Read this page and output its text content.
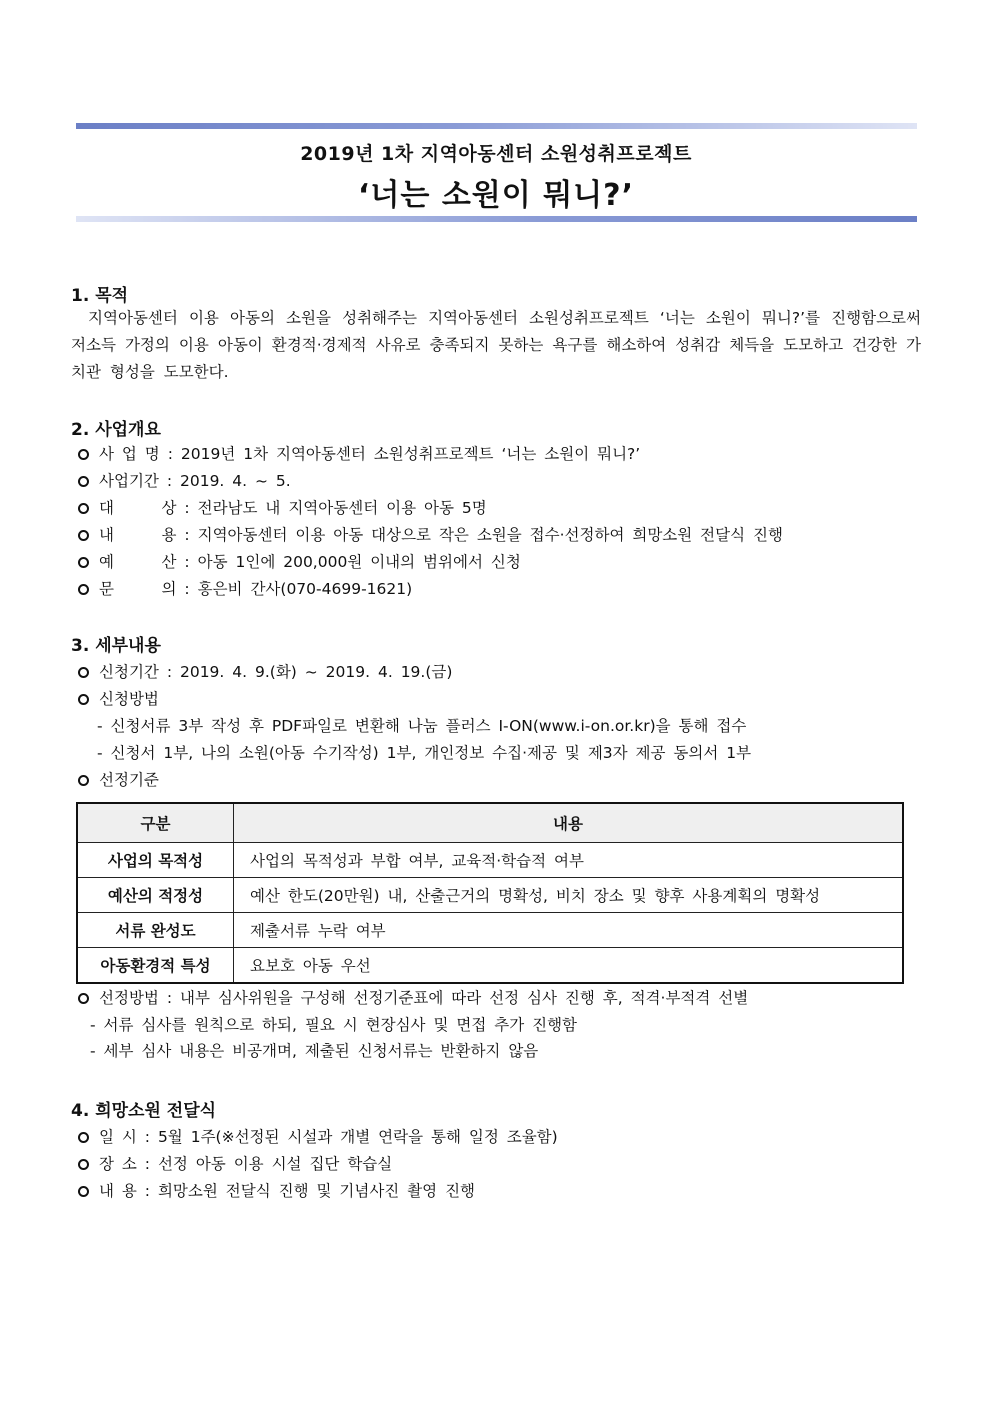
2019년 1차 지역아동센터 소원성취프로젝트
‘너는 소원이 뭐니?’
1. 목적
지역아동센터 이용 아동의 소원을 성취해주는 지역아동센터 소원성취프로젝트 ‘너는 소원이 뭐니?’를 진행함으로써 저소득 가정의 이용 아동이 환경적·경제적 사유로 충족되지 못하는 욕구를 해소하여 성취감 체득을 도모하고 건강한 가치관 형성을 도모한다.
2. 사업개요
사 업 명 : 2019년 1차 지역아동센터 소원성취프로젝트 ‘너는 소원이 뭐니?’
사업기간 : 2019. 4. ~ 5.
대      상 : 전라남도 내 지역아동센터 이용 아동 5명
내      용 : 지역아동센터 이용 아동 대상으로 작은 소원을 접수·선정하여 희망소원 전달식 진행
예      산 : 아동 1인에 200,000원 이내의 범위에서 신청
문      의 : 홍은비 간사(070-4699-1621)
3. 세부내용
신청기간 : 2019. 4. 9.(화) ~ 2019. 4. 19.(금)
신청방법
- 신청서류 3부 작성 후 PDF파일로 변환해 나눔 플러스 I-ON(www.i-on.or.kr)을 통해 접수
- 신청서 1부, 나의 소원(아동 수기작성) 1부, 개인정보 수집·제공 및 제3자 제공 동의서 1부
선정기준
구분	내용
사업의 목적성	사업의 목적성과 부합 여부, 교육적·학습적 여부
예산의 적정성	예산 한도(20만원) 내, 산출근거의 명확성, 비치 장소 및 향후 사용계획의 명확성
서류 완성도	제출서류 누락 여부
아동환경적 특성	요보호 아동 우선
선정방법 : 내부 심사위원을 구성해 선정기준표에 따라 선정 심사 진행 후, 적격·부적격 선별
- 서류 심사를 원칙으로 하되, 필요 시 현장심사 및 면접 추가 진행함
- 세부 심사 내용은 비공개며, 제출된 신청서류는 반환하지 않음
4. 희망소원 전달식
일 시 : 5월 1주(※선정된 시설과 개별 연락을 통해 일정 조율함)
장 소 : 선정 아동 이용 시설 집단 학습실
내 용 : 희망소원 전달식 진행 및 기념사진 촬영 진행
